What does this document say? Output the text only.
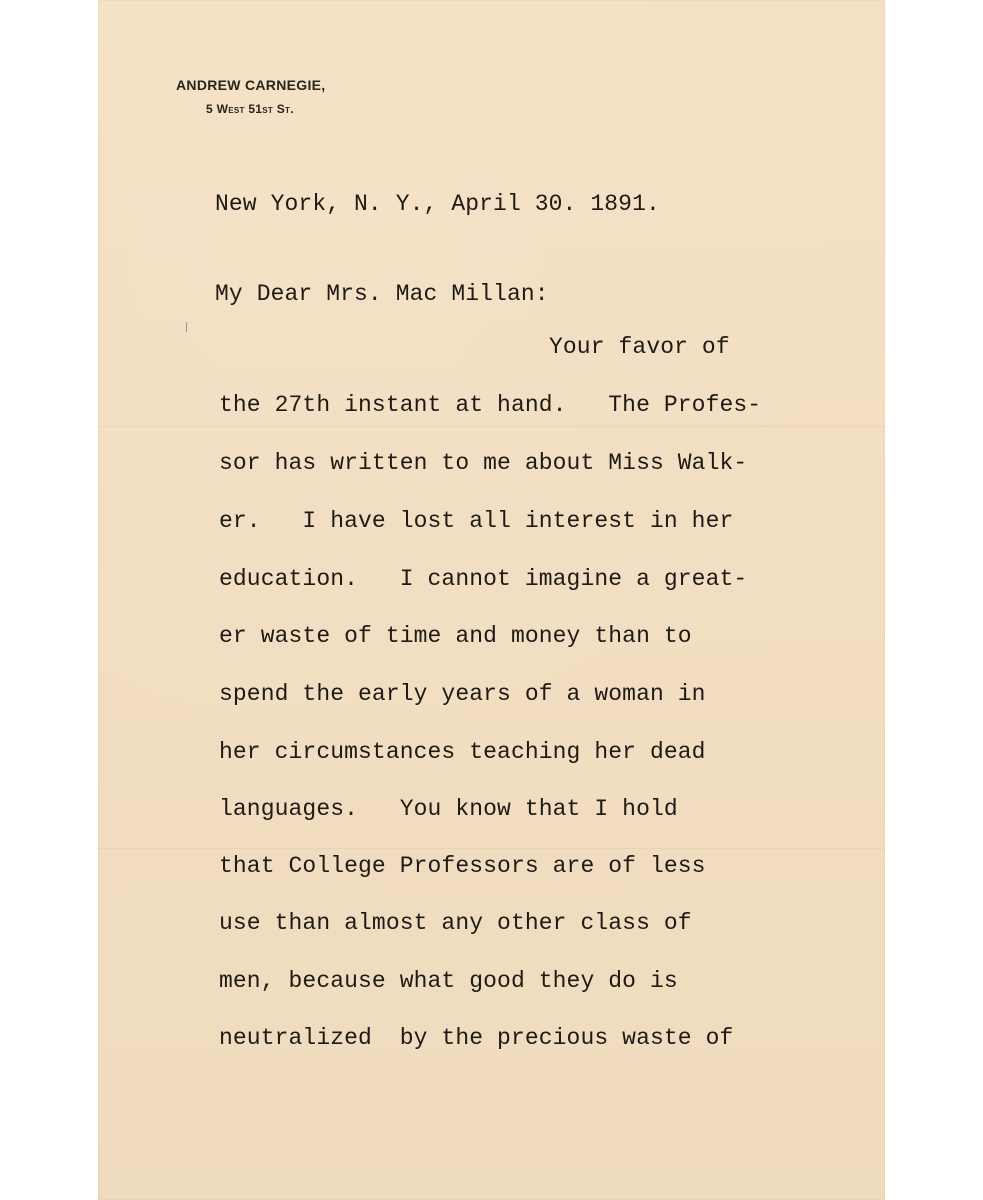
ANDREW CARNEGIE,
5 West 51st St.
New York, N. Y., April 30. 1891.
My Dear Mrs. Mac Millan:
Your favor of
the 27th instant at hand.   The Profes-
sor has written to me about Miss Walk-
er.   I have lost all interest in her
education.   I cannot imagine a great-
er waste of time and money than to
spend the early years of a woman in
her circumstances teaching her dead
languages.   You know that I hold
that College Professors are of less
use than almost any other class of
men, because what good they do is
neutralized  by the precious waste of
